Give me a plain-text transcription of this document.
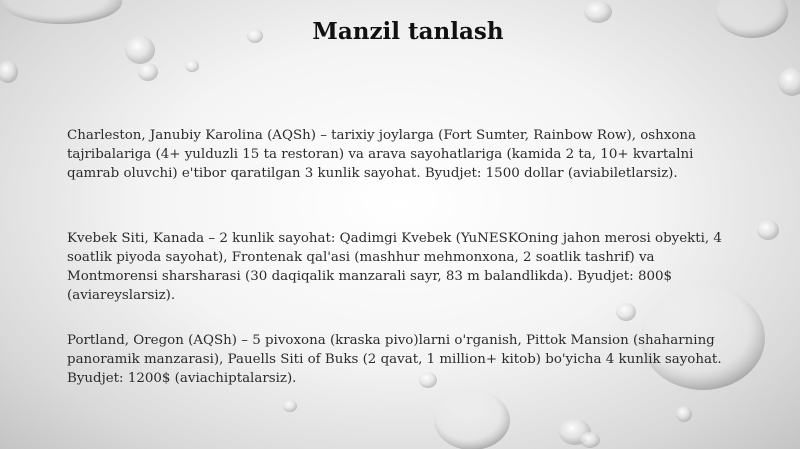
Manzil tanlash

Charleston, Janubiy Karolina (AQSh) – tarixiy joylarga (Fort Sumter, Rainbow Row), oshxona tajribalariga (4+ yulduzli 15 ta restoran) va arava sayohatlariga (kamida 2 ta, 10+ kvartalni qamrab oluvchi) e'tibor qaratilgan 3 kunlik sayohat. Byudjet: 1500 dollar (aviabiletlarsiz).

Kvebek Siti, Kanada – 2 kunlik sayohat: Qadimgi Kvebek (YuNESKOning jahon merosi obyekti, 4 soatlik piyoda sayohat), Frontenak qal'asi (mashhur mehmonxona, 2 soatlik tashrif) va Montmorensi sharsharasi (30 daqiqalik manzarali sayr, 83 m balandlikda). Byudjet: 800$ (aviareyslarsiz).

Portland, Oregon (AQSh) – 5 pivoxona (kraska pivo)larni o'rganish, Pittok Mansion (shaharning panoramik manzarasi), Pauells Siti of Buks (2 qavat, 1 million+ kitob) bo'yicha 4 kunlik sayohat. Byudjet: 1200$ (aviachiptalarsiz).
